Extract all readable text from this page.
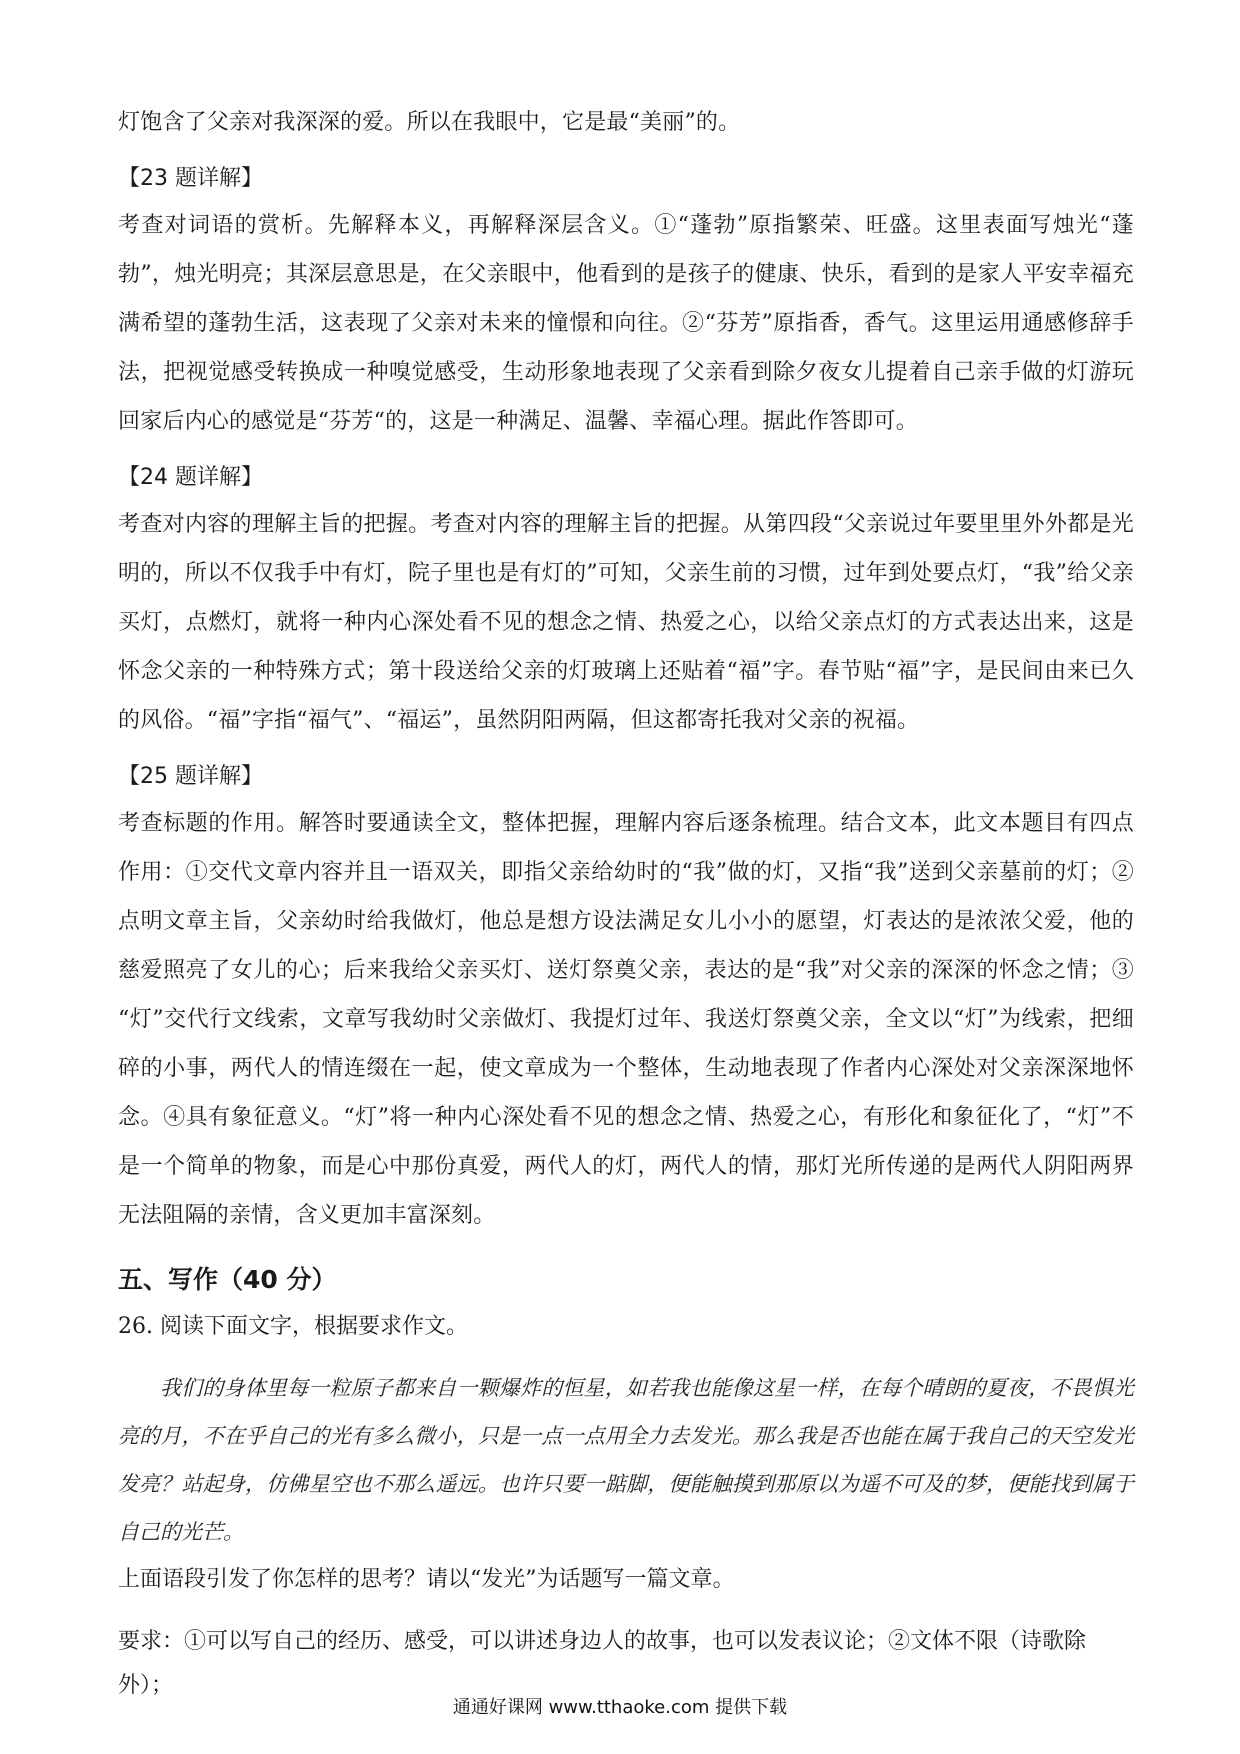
灯饱含了父亲对我深深的爱。所以在我眼中，它是最“美丽”的。

【23 题详解】

考查对词语的赏析。先解释本义，再解释深层含义。①“蓬勃”原指繁荣、旺盛。这里表面写烛光“蓬勃”，烛光明亮；其深层意思是，在父亲眼中，他看到的是孩子的健康、快乐，看到的是家人平安幸福充满希望的蓬勃生活，这表现了父亲对未来的憧憬和向往。②“芬芳”原指香，香气。这里运用通感修辞手法，把视觉感受转换成一种嗅觉感受，生动形象地表现了父亲看到除夕夜女儿提着自己亲手做的灯游玩回家后内心的感觉是“芬芳“的，这是一种满足、温馨、幸福心理。据此作答即可。

【24 题详解】

考查对内容的理解主旨的把握。考查对内容的理解主旨的把握。从第四段“父亲说过年要里里外外都是光明的，所以不仅我手中有灯，院子里也是有灯的”可知，父亲生前的习惯，过年到处要点灯，“我”给父亲买灯，点燃灯，就将一种内心深处看不见的想念之情、热爱之心，以给父亲点灯的方式表达出来，这是怀念父亲的一种特殊方式；第十段送给父亲的灯玻璃上还贴着“福”字。春节贴“福”字，是民间由来已久的风俗。“福”字指“福气”、“福运”，虽然阴阳两隔，但这都寄托我对父亲的祝福。

【25 题详解】

考查标题的作用。解答时要通读全文，整体把握，理解内容后逐条梳理。结合文本，此文本题目有四点作用：①交代文章内容并且一语双关，即指父亲给幼时的“我”做的灯，又指“我”送到父亲墓前的灯；② 点明文章主旨，父亲幼时给我做灯，他总是想方设法满足女儿小小的愿望，灯表达的是浓浓父爱，他的慈爱照亮了女儿的心；后来我给父亲买灯、送灯祭奠父亲，表达的是“我”对父亲的深深的怀念之情；③ “灯”交代行文线索，文章写我幼时父亲做灯、我提灯过年、我送灯祭奠父亲，全文以“灯”为线索，把细碎的小事，两代人的情连缀在一起，使文章成为一个整体，生动地表现了作者内心深处对父亲深深地怀念。④具有象征意义。“灯”将一种内心深处看不见的想念之情、热爱之心，有形化和象征化了，“灯”不是一个简单的物象，而是心中那份真爱，两代人的灯，两代人的情，那灯光所传递的是两代人阴阳两界无法阻隔的亲情，含义更加丰富深刻。

五、写作（40 分）

26. 阅读下面文字，根据要求作文。

我们的身体里每一粒原子都来自一颗爆炸的恒星，如若我也能像这星一样，在每个晴朗的夏夜，不畏惧光亮的月，不在乎自己的光有多么微小，只是一点一点用全力去发光。那么我是否也能在属于我自己的天空发光发亮？站起身，仿佛星空也不那么遥远。也许只要一踮脚，便能触摸到那原以为遥不可及的梦，便能找到属于自己的光芒。

上面语段引发了你怎样的思考？请以“发光”为话题写一篇文章。

要求：①可以写自己的经历、感受，可以讲述身边人的故事，也可以发表议论；②文体不限（诗歌除外）；

通通好课网 www.tthaoke.com 提供下载
